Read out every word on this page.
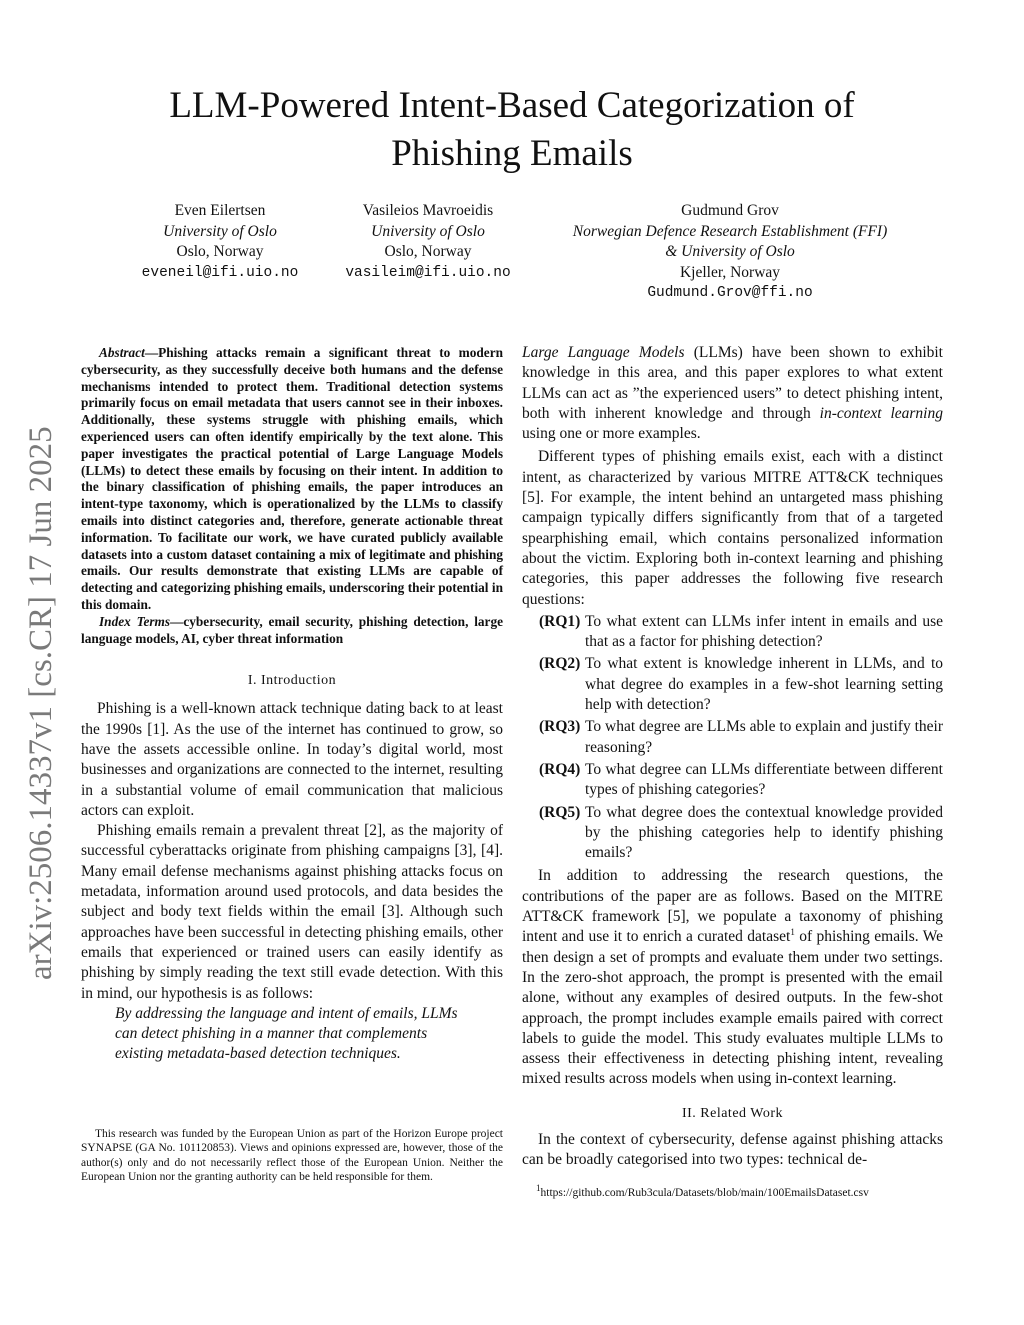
LLM-Powered Intent-Based Categorization of
Phishing Emails
Even Eilertsen
University of Oslo
Oslo, Norway
eveneil@ifi.uio.no
Vasileios Mavroeidis
University of Oslo
Oslo, Norway
vasileim@ifi.uio.no
Gudmund Grov
Norwegian Defence Research Establishment (FFI)
& University of Oslo
Kjeller, Norway
Gudmund.Grov@ffi.no
arXiv:2506.14337v1 [cs.CR] 17 Jun 2025

Abstract—Phishing attacks remain a significant threat to modern cybersecurity, as they successfully deceive both humans and the defense mechanisms intended to protect them. Traditional detection systems primarily focus on email metadata that users cannot see in their inboxes. Additionally, these systems struggle with phishing emails, which experienced users can often identify empirically by the text alone. This paper investigates the practical potential of Large Language Models (LLMs) to detect these emails by focusing on their intent. In addition to the binary classification of phishing emails, the paper introduces an intent-type taxonomy, which is operationalized by the LLMs to classify emails into distinct categories and, therefore, generate actionable threat information. To facilitate our work, we have curated publicly available datasets into a custom dataset containing a mix of legitimate and phishing emails. Our results demonstrate that existing LLMs are capable of detecting and categorizing phishing emails, underscoring their potential in this domain.

Index Terms—cybersecurity, email security, phishing detection, large language models, AI, cyber threat information

I. Introduction

Phishing is a well-known attack technique dating back to at least the 1990s [1]. As the use of the internet has continued to grow, so have the assets accessible online. In today’s digital world, most businesses and organizations are connected to the internet, resulting in a substantial volume of email communication that malicious actors can exploit.

Phishing emails remain a prevalent threat [2], as the majority of successful cyberattacks originate from phishing campaigns [3], [4]. Many email defense mechanisms against phishing attacks focus on metadata, information around used protocols, and data besides the subject and body text fields within the email [3]. Although such approaches have been successful in detecting phishing emails, other emails that experienced or trained users can easily identify as phishing by simply reading the text still evade detection. With this in mind, our hypothesis is as follows:

By addressing the language and intent of emails, LLMs can detect phishing in a manner that complements existing metadata-based detection techniques.

This research was funded by the European Union as part of the Horizon Europe project SYNAPSE (GA No. 101120853). Views and opinions expressed are, however, those of the author(s) only and do not necessarily reflect those of the European Union. Neither the European Union nor the granting authority can be held responsible for them.

Large Language Models (LLMs) have been shown to exhibit knowledge in this area, and this paper explores to what extent LLMs can act as ”the experienced users” to detect phishing intent, both with inherent knowledge and through in-context learning using one or more examples.

Different types of phishing emails exist, each with a distinct intent, as characterized by various MITRE ATT&CK techniques [5]. For example, the intent behind an untargeted mass phishing campaign typically differs significantly from that of a targeted spearphishing email, which contains personalized information about the victim. Exploring both in-context learning and phishing categories, this paper addresses the following five research questions:

(RQ1) To what extent can LLMs infer intent in emails and use that as a factor for phishing detection?
(RQ2) To what extent is knowledge inherent in LLMs, and to what degree do examples in a few-shot learning setting help with detection?
(RQ3) To what degree are LLMs able to explain and justify their reasoning?
(RQ4) To what degree can LLMs differentiate between different types of phishing categories?
(RQ5) To what degree does the contextual knowledge provided by the phishing categories help to identify phishing emails?

In addition to addressing the research questions, the contributions of the paper are as follows. Based on the MITRE ATT&CK framework [5], we populate a taxonomy of phishing intent and use it to enrich a curated dataset$^1$ of phishing emails. We then design a set of prompts and evaluate them under two settings. In the zero-shot approach, the prompt is presented with the email alone, without any examples of desired outputs. In the few-shot approach, the prompt includes example emails paired with correct labels to guide the model. This study evaluates multiple LLMs to assess their effectiveness in detecting phishing intent, revealing mixed results across models when using in-context learning.

II. Related Work

In the context of cybersecurity, defense against phishing attacks can be broadly categorised into two types: technical de-

$^1$https://github.com/Rub3cula/Datasets/blob/main/100EmailsDataset.csv
